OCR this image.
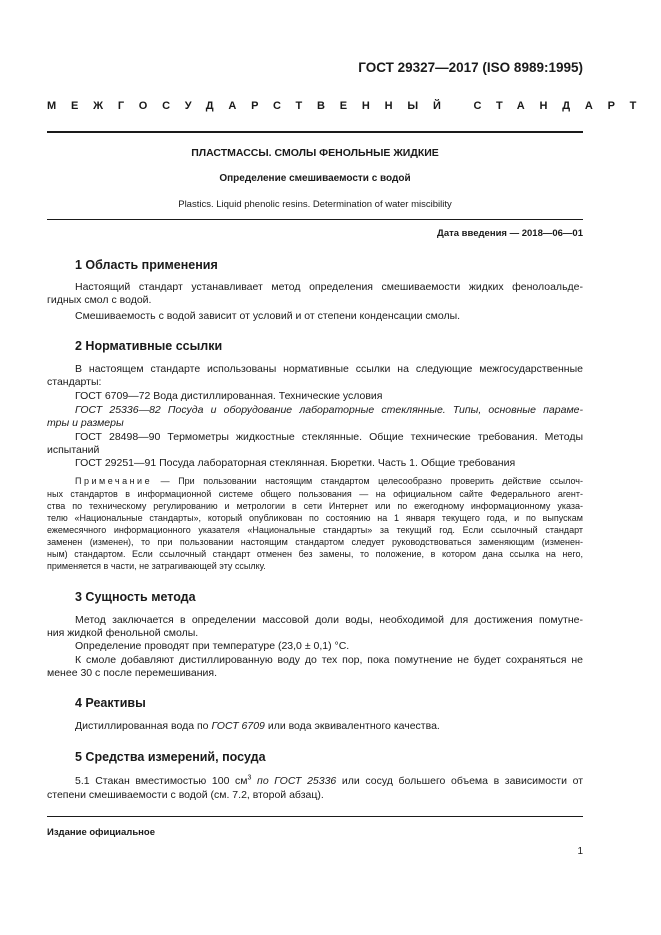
ГОСТ 29327—2017 (ISO 8989:1995)
МЕЖГОСУДАРСТВЕННЫЙ СТАНДАРТ
ПЛАСТМАССЫ. СМОЛЫ ФЕНОЛЬНЫЕ ЖИДКИЕ
Определение смешиваемости с водой
Plastics. Liquid phenolic resins. Determination of water miscibility
Дата введения — 2018—06—01
1 Область применения
Настоящий стандарт устанавливает метод определения смешиваемости жидких фенолоальде-
гидных смол с водой.
Смешиваемость с водой зависит от условий и от степени конденсации смолы.
2 Нормативные ссылки
В настоящем стандарте использованы нормативные ссылки на следующие межгосударственные
стандарты:
ГОСТ 6709—72 Вода дистиллированная. Технические условия
ГОСТ 25336—82 Посуда и оборудование лабораторные стеклянные. Типы, основные парамe-
тры и размеры
ГОСТ 28498—90 Термометры жидкостные стеклянные. Общие технические требования. Методы
испытаний
ГОСТ 29251—91 Посуда лабораторная стеклянная. Бюретки. Часть 1. Общие требования
Примечание — При пользовании настоящим стандартом целесообразно проверить действие ссылоч-
ных стандартов в информационной системе общего пользования — на официальном сайте Федерального агент-
ства по техническому регулированию и метрологии в сети Интернет или по ежегодному информационному указа-
телю «Национальные стандарты», который опубликован по состоянию на 1 января текущего года, и по выпускам
ежемесячного информационного указателя «Национальные стандарты» за текущий год. Если ссылочный стандарт
заменен (изменен), то при пользовании настоящим стандартом следует руководствоваться заменяющим (изменен-
ным) стандартом. Если ссылочный стандарт отменен без замены, то положение, в котором дана ссылка на него,
применяется в части, не затрагивающей эту ссылку.
3 Сущность метода
Метод заключается в определении массовой доли воды, необходимой для достижения помутне-
ния жидкой фенольной смолы.
Определение проводят при температуре (23,0 ± 0,1) °С.
К смоле добавляют дистиллированную воду до тех пор, пока помутнение не будет сохраняться не
менее 30 с после перемешивания.
4 Реактивы
Дистиллированная вода по ГОСТ 6709 или вода эквивалентного качества.
5 Средства измерений, посуда
5.1 Стакан вместимостью 100 $см^3$ по ГОСТ 25336 или сосуд большего объема в зависимости от
степени смешиваемости с водой (см. 7.2, второй абзац).
Издание официальное
1
